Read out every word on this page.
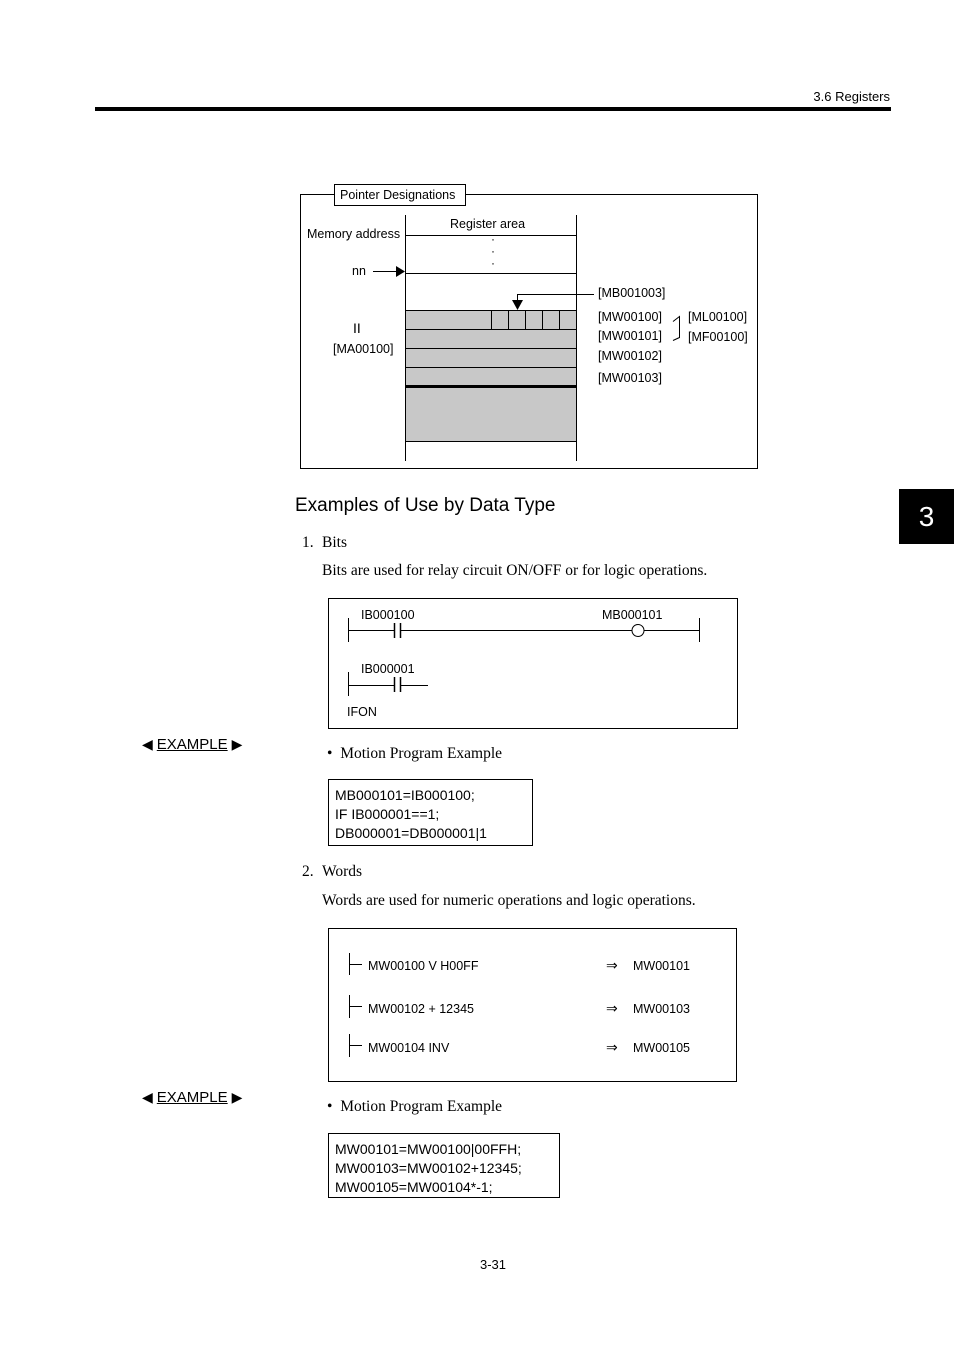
3.6 Registers
3
Pointer Designations
Register area
Memory address	·
·
·
nn
[MB001003]
II
[MA00100]
[MW00100]
[MW00101]
[MW00102]
[MW00103]
[ML00100]
[MF00100]
Examples of Use by Data Type
1. Bits
Bits are used for relay circuit ON/OFF or for logic operations.
IB000100	MB000101
IB000001
IFON
◀ EXAMPLE ▶
• Motion Program Example
MB000101=IB000100;
IF IB000001==1;
DB000001=DB000001|1
2. Words
Words are used for numeric operations and logic operations.
MW00100 V H00FF	⇒ MW00101
MW00102 + 12345	⇒ MW00103
MW00104 INV	⇒ MW00105
◀ EXAMPLE ▶
• Motion Program Example
MW00101=MW00100|00FFH;
MW00103=MW00102+12345;
MW00105=MW00104*-1;
3-31
